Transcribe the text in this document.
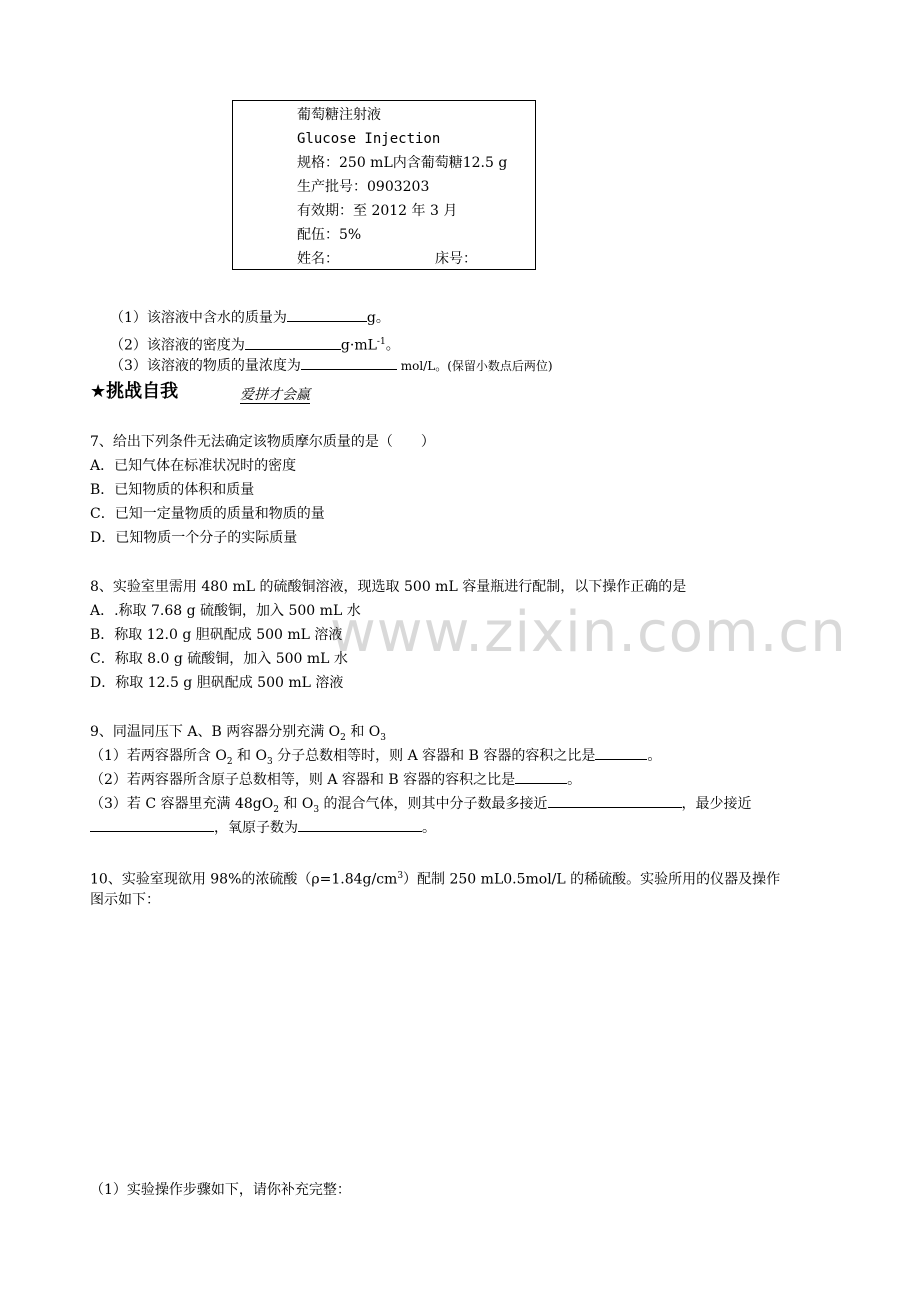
葡萄糖注射液
Glucose Injection
规格：250 mL内含葡萄糖12.5 g
生产批号：0903203
有效期：至 2012 年 3 月
配伍：5%
姓名：	床号：
（1）该溶液中含水的质量为	g。
（2）该溶液的密度为	$g\cdot mL^{-1}$。
（3）该溶液的物质的量浓度为	mol/L。(保留小数点后两位)
★挑战自我	爱拼才会赢
7、给出下列条件无法确定该物质摩尔质量的是（　　）
A．已知气体在标准状况时的密度
B．已知物质的体积和质量
C．已知一定量物质的质量和物质的量
D．已知物质一个分子的实际质量
www.zixin.com.cn
8、实验室里需用 480 mL 的硫酸铜溶液，现选取 500 mL 容量瓶进行配制，以下操作正确的是
A．.称取 7.68 g 硫酸铜，加入 500 mL 水
B．称取 12.0 g 胆矾配成 500 mL 溶液
C．称取 8.0 g 硫酸铜，加入 500 mL 水
D．称取 12.5 g 胆矾配成 500 mL 溶液
9、同温同压下 A、B 两容器分别充满 $O_2$ 和 $O_3$
（1）若两容器所含 $O_2$ 和 $O_3$ 分子总数相等时，则 A 容器和 B 容器的容积之比是	。
（2）若两容器所含原子总数相等，则 A 容器和 B 容器的容积之比是	。
（3）若 C 容器里充满 $48gO_2$ 和 $O_3$ 的混合气体，则其中分子数最多接近	，最少接近
，氧原子数为	。
10、实验室现欲用 98%的浓硫酸$(\rho=1.84g/cm^3)$配制 250 mL0.5mol/L 的稀硫酸。实验所用的仪器及操作
图示如下：
（1）实验操作步骤如下，请你补充完整：
